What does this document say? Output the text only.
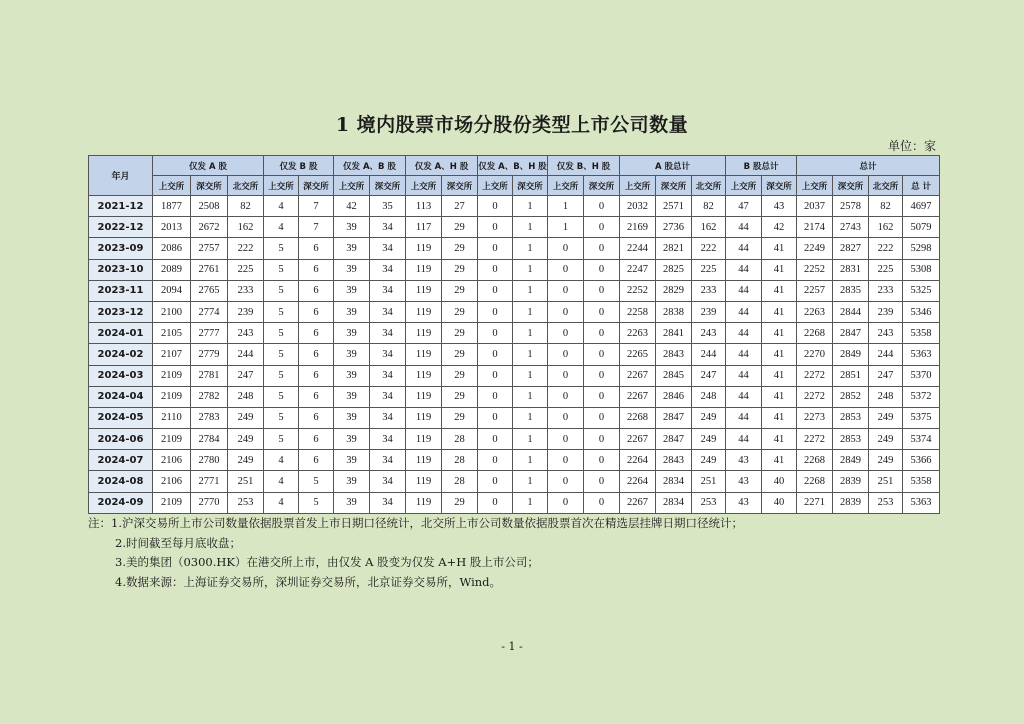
1 境内股票市场分股份类型上市公司数量
单位：家
年月	仅发 A 股			仅发 B 股		仅发 A、B 股		仅发 A、H 股		仅发 A、B、H 股		仅发 B、H 股		A 股总计			B 股总计		总计			
	上交所	深交所	北交所	上交所	深交所	上交所	深交所	上交所	深交所	上交所	深交所	上交所	深交所	上交所	深交所	北交所	上交所	深交所	上交所	深交所	北交所	总 计
2021-12	1877	2508	82	4	7	42	35	113	27	0	1	1	0	2032	2571	82	47	43	2037	2578	82	4697
2022-12	2013	2672	162	4	7	39	34	117	29	0	1	1	0	2169	2736	162	44	42	2174	2743	162	5079
2023-09	2086	2757	222	5	6	39	34	119	29	0	1	0	0	2244	2821	222	44	41	2249	2827	222	5298
2023-10	2089	2761	225	5	6	39	34	119	29	0	1	0	0	2247	2825	225	44	41	2252	2831	225	5308
2023-11	2094	2765	233	5	6	39	34	119	29	0	1	0	0	2252	2829	233	44	41	2257	2835	233	5325
2023-12	2100	2774	239	5	6	39	34	119	29	0	1	0	0	2258	2838	239	44	41	2263	2844	239	5346
2024-01	2105	2777	243	5	6	39	34	119	29	0	1	0	0	2263	2841	243	44	41	2268	2847	243	5358
2024-02	2107	2779	244	5	6	39	34	119	29	0	1	0	0	2265	2843	244	44	41	2270	2849	244	5363
2024-03	2109	2781	247	5	6	39	34	119	29	0	1	0	0	2267	2845	247	44	41	2272	2851	247	5370
2024-04	2109	2782	248	5	6	39	34	119	29	0	1	0	0	2267	2846	248	44	41	2272	2852	248	5372
2024-05	2110	2783	249	5	6	39	34	119	29	0	1	0	0	2268	2847	249	44	41	2273	2853	249	5375
2024-06	2109	2784	249	5	6	39	34	119	28	0	1	0	0	2267	2847	249	44	41	2272	2853	249	5374
2024-07	2106	2780	249	4	6	39	34	119	28	0	1	0	0	2264	2843	249	43	41	2268	2849	249	5366
2024-08	2106	2771	251	4	5	39	34	119	28	0	1	0	0	2264	2834	251	43	40	2268	2839	251	5358
2024-09	2109	2770	253	4	5	39	34	119	29	0	1	0	0	2267	2834	253	43	40	2271	2839	253	5363
注：1.沪深交易所上市公司数量依据股票首发上市日期口径统计，北交所上市公司数量依据股票首次在精选层挂牌日期口径统计；
2.时间截至每月底收盘；
3.美的集团（0300.HK）在港交所上市，由仅发 A 股变为仅发 A+H 股上市公司；
4.数据来源：上海证券交易所，深圳证券交易所，北京证券交易所，Wind。
- 1 -
